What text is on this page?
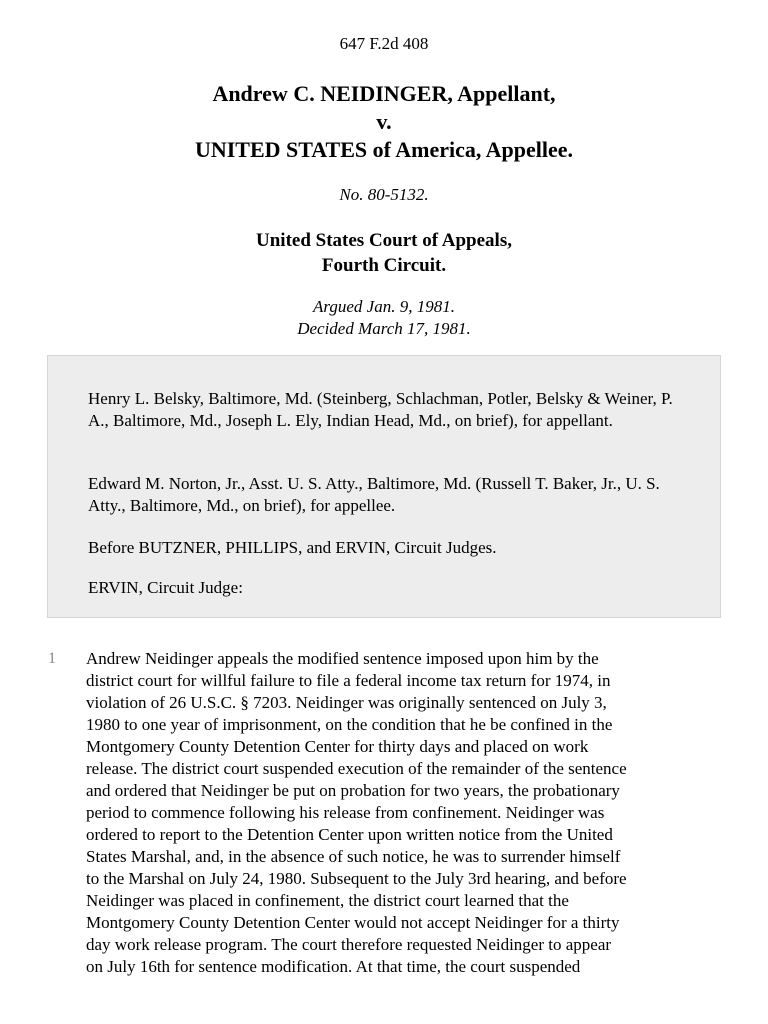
647 F.2d 408
Andrew C. NEIDINGER, Appellant,
v.
UNITED STATES of America, Appellee.
No. 80-5132.
United States Court of Appeals,
Fourth Circuit.
Argued Jan. 9, 1981.
Decided March 17, 1981.

Henry L. Belsky, Baltimore, Md. (Steinberg, Schlachman, Potler, Belsky & Weiner, P. A., Baltimore, Md., Joseph L. Ely, Indian Head, Md., on brief), for appellant.

Edward M. Norton, Jr., Asst. U. S. Atty., Baltimore, Md. (Russell T. Baker, Jr., U. S. Atty., Baltimore, Md., on brief), for appellee.

Before BUTZNER, PHILLIPS, and ERVIN, Circuit Judges.

ERVIN, Circuit Judge:

1 Andrew Neidinger appeals the modified sentence imposed upon him by the
district court for willful failure to file a federal income tax return for 1974, in
violation of 26 U.S.C. § 7203. Neidinger was originally sentenced on July 3,
1980 to one year of imprisonment, on the condition that he be confined in the
Montgomery County Detention Center for thirty days and placed on work
release. The district court suspended execution of the remainder of the sentence
and ordered that Neidinger be put on probation for two years, the probationary
period to commence following his release from confinement. Neidinger was
ordered to report to the Detention Center upon written notice from the United
States Marshal, and, in the absence of such notice, he was to surrender himself
to the Marshal on July 24, 1980. Subsequent to the July 3rd hearing, and before
Neidinger was placed in confinement, the district court learned that the
Montgomery County Detention Center would not accept Neidinger for a thirty
day work release program. The court therefore requested Neidinger to appear
on July 16th for sentence modification. At that time, the court suspended
